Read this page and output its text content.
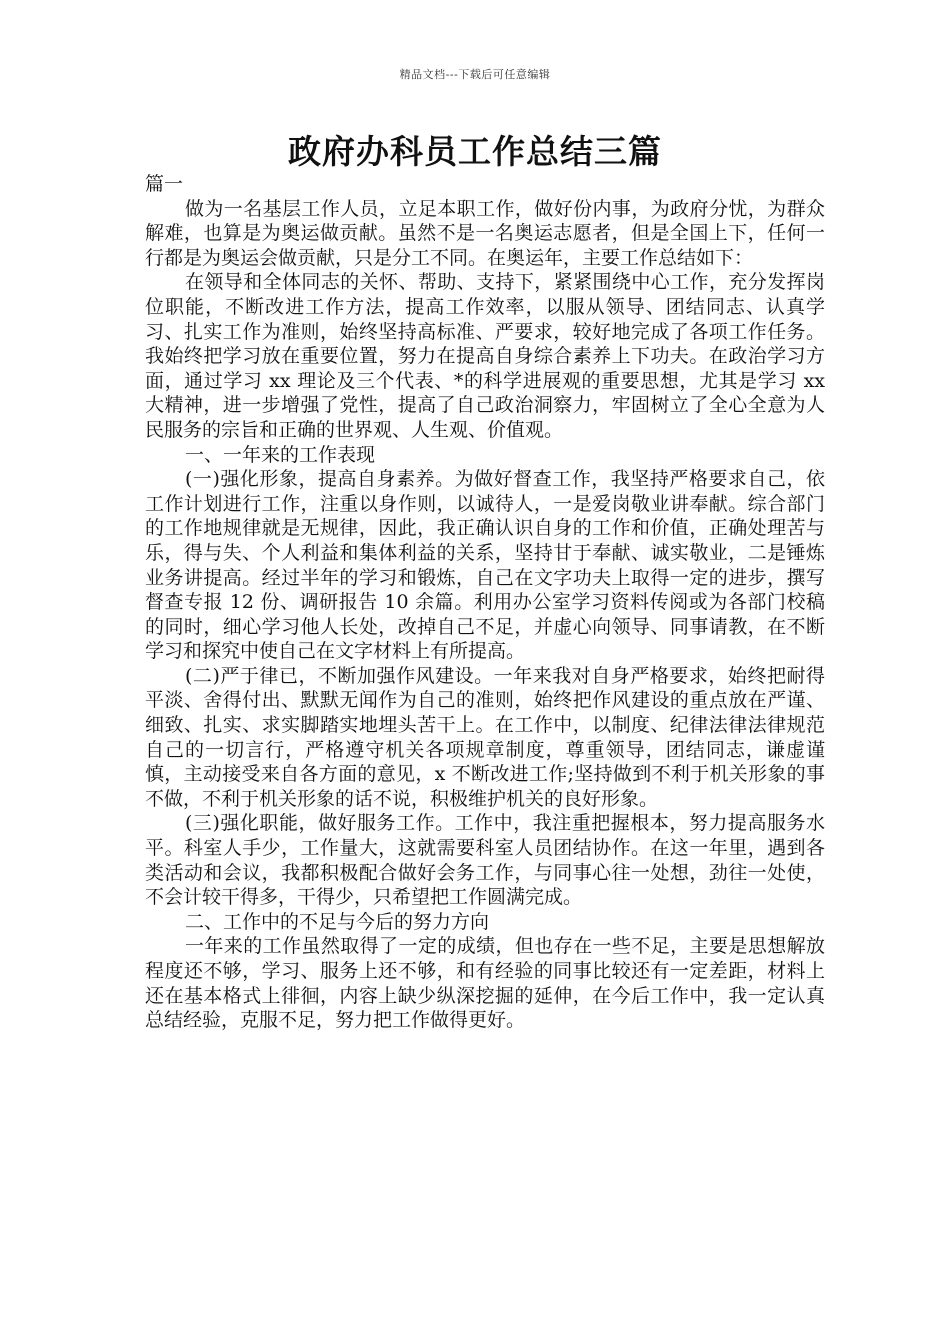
精品文档---下载后可任意编辑
政府办科员工作总结三篇

篇一

做为一名基层工作人员，立足本职工作，做好份内事，为政府分忧，为群众解难，也算是为奥运做贡献。虽然不是一名奥运志愿者，但是全国上下，任何一行都是为奥运会做贡献，只是分工不同。在奥运年，主要工作总结如下：

在领导和全体同志的关怀、帮助、支持下，紧紧围绕中心工作，充分发挥岗位职能，不断改进工作方法，提高工作效率，以服从领导、团结同志、认真学习、扎实工作为准则，始终坚持高标准、严要求，较好地完成了各项工作任务。我始终把学习放在重要位置，努力在提高自身综合素养上下功夫。在政治学习方面，通过学习 xx 理论及三个代表、*的科学进展观的重要思想，尤其是学习 xx 大精神，进一步增强了党性，提高了自己政治洞察力，牢固树立了全心全意为人民服务的宗旨和正确的世界观、人生观、价值观。

一、一年来的工作表现

(一)强化形象，提高自身素养。为做好督查工作，我坚持严格要求自己，依工作计划进行工作，注重以身作则，以诚待人，一是爱岗敬业讲奉献。综合部门的工作地规律就是无规律，因此，我正确认识自身的工作和价值，正确处理苦与乐，得与失、个人利益和集体利益的关系，坚持甘于奉献、诚实敬业，二是锤炼业务讲提高。经过半年的学习和锻炼，自己在文字功夫上取得一定的进步，撰写督查专报 12 份、调研报告 10 余篇。利用办公室学习资料传阅或为各部门校稿的同时，细心学习他人长处，改掉自己不足，并虚心向领导、同事请教，在不断学习和探究中使自己在文字材料上有所提高。

(二)严于律已，不断加强作风建设。一年来我对自身严格要求，始终把耐得平淡、舍得付出、默默无闻作为自己的准则，始终把作风建设的重点放在严谨、细致、扎实、求实脚踏实地埋头苦干上。在工作中，以制度、纪律法律法律规范自己的一切言行，严格遵守机关各项规章制度，尊重领导，团结同志，谦虚谨慎，主动接受来自各方面的意见，x 不断改进工作;坚持做到不利于机关形象的事不做，不利于机关形象的话不说，积极维护机关的良好形象。

(三)强化职能，做好服务工作。工作中，我注重把握根本，努力提高服务水平。科室人手少，工作量大，这就需要科室人员团结协作。在这一年里，遇到各类活动和会议，我都积极配合做好会务工作，与同事心往一处想，劲往一处使，不会计较干得多，干得少，只希望把工作圆满完成。

二、工作中的不足与今后的努力方向

一年来的工作虽然取得了一定的成绩，但也存在一些不足，主要是思想解放程度还不够，学习、服务上还不够，和有经验的同事比较还有一定差距，材料上还在基本格式上徘徊，内容上缺少纵深挖掘的延伸，在今后工作中，我一定认真总结经验，克服不足，努力把工作做得更好。
